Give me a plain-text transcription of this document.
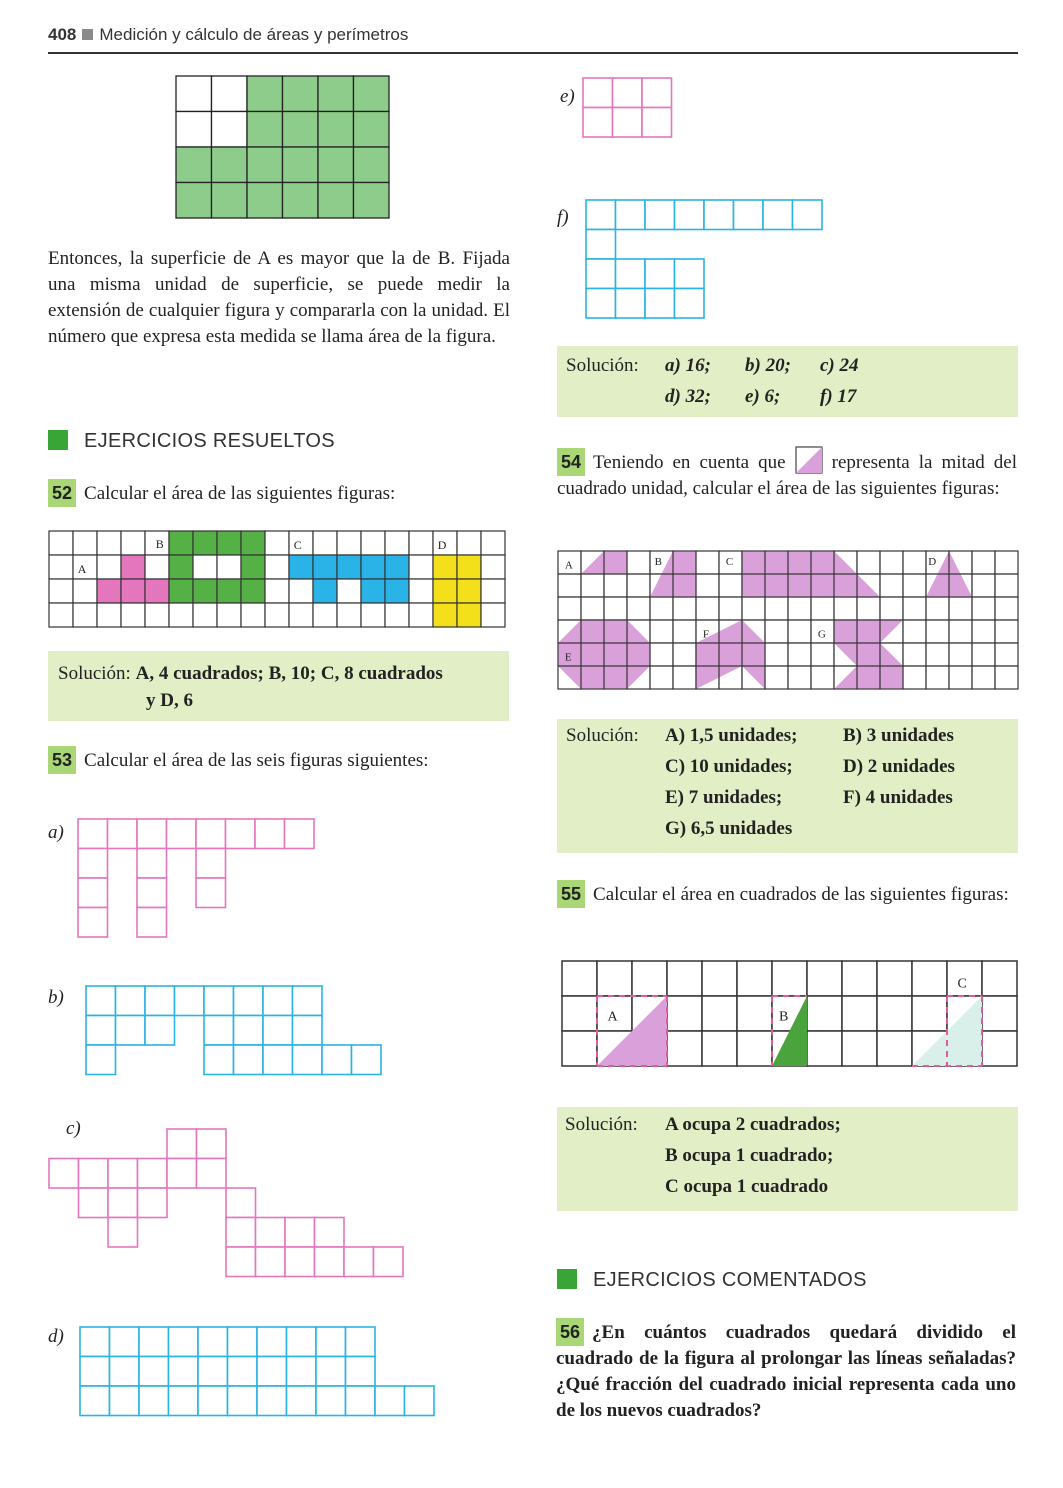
408 Medición y cálculo de áreas y perímetros
Entonces, la superficie de A es mayor que la de B. Fijada una misma unidad de superficie, se puede medir la extensión de cualquier figura y compararla con la unidad. El número que expresa esta medida se llama área de la figura.
EJERCICIOS RESUELTOS
52 Calcular el área de las siguientes figuras:
A
B	C	D
Solución: A, 4 cuadrados; B, 10; C, 8 cuadrados
y D, 6
53 Calcular el área de las seis figuras siguientes:
a)
b)
c)
d)
e)
f)
Solución: a) 16; b) 20; c) 24
d) 32; e) 6; f) 17
54 Teniendo en cuenta que representa la mitad del cuadrado unidad, calcular el área de las siguientes figuras:
A	B	C	D
E
F	G
Solución: A) 1,5 unidades; B) 3 unidades
C) 10 unidades;	D) 2 unidades
E) 7 unidades;	F) 4 unidades
G) 6,5 unidades
55 Calcular el área en cuadrados de las siguientes figuras:
A	B
C
Solución: A ocupa 2 cuadrados;
B ocupa 1 cuadrado;
C ocupa 1 cuadrado
EJERCICIOS COMENTADOS
56 ¿En cuántos cuadrados quedará dividido el cuadrado de la figura al prolongar las líneas señaladas? ¿Qué fracción del cuadrado inicial representa cada uno de los nuevos cuadrados?
